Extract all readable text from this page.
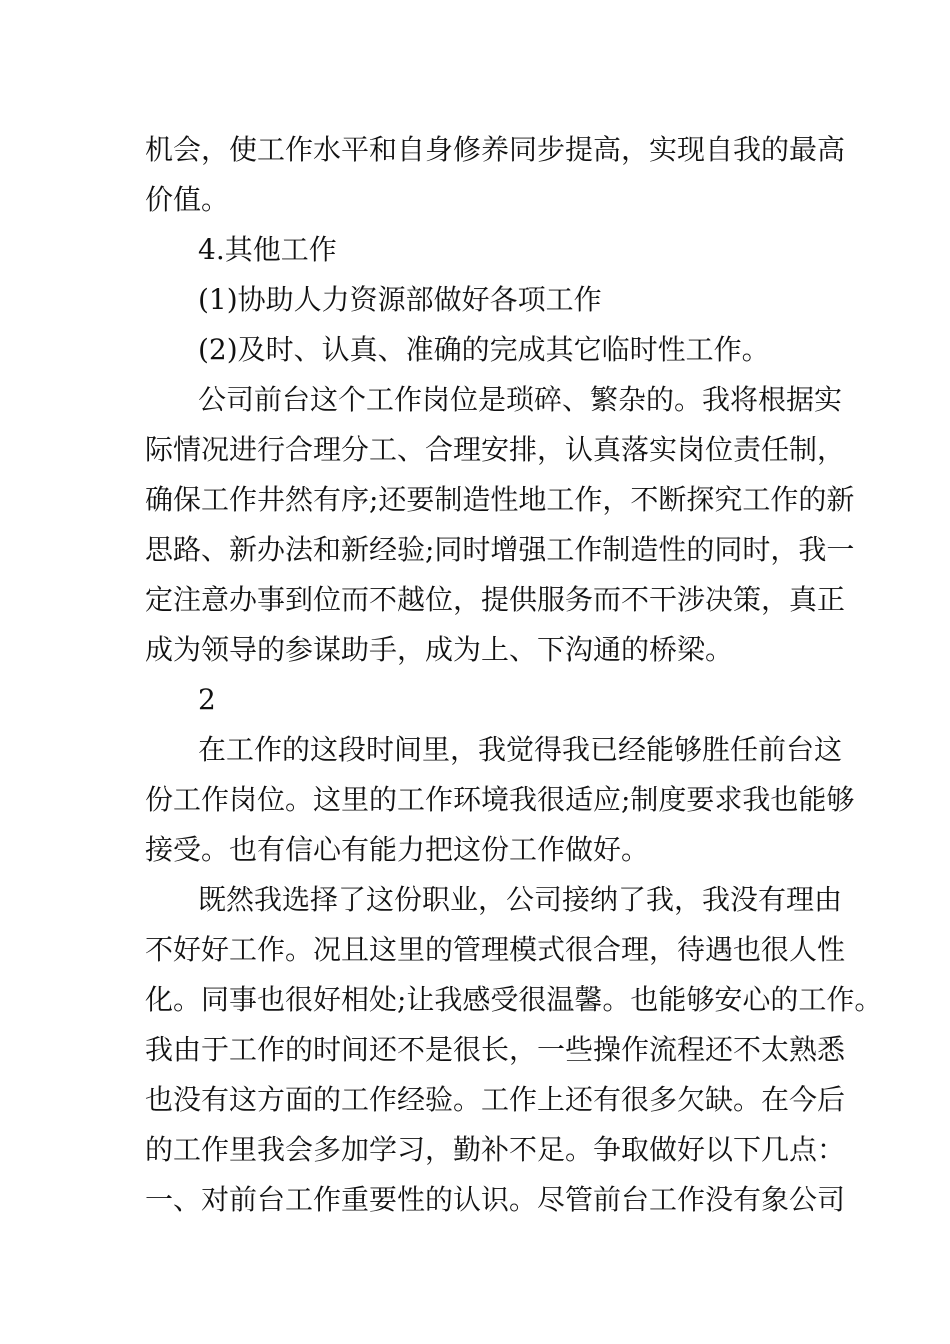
机会，使工作水平和自身修养同步提高，实现自我的最高
价值。
4.其他工作
(1)协助人力资源部做好各项工作
(2)及时、认真、准确的完成其它临时性工作。
公司前台这个工作岗位是琐碎、繁杂的。我将根据实
际情况进行合理分工、合理安排，认真落实岗位责任制，
确保工作井然有序;还要制造性地工作，不断探究工作的新
思路、新办法和新经验;同时增强工作制造性的同时，我一
定注意办事到位而不越位，提供服务而不干涉决策，真正
成为领导的参谋助手，成为上、下沟通的桥梁。
2
在工作的这段时间里，我觉得我已经能够胜任前台这
份工作岗位。这里的工作环境我很适应;制度要求我也能够
接受。也有信心有能力把这份工作做好。
既然我选择了这份职业，公司接纳了我，我没有理由
不好好工作。况且这里的管理模式很合理，待遇也很人性
化。同事也很好相处;让我感受很温馨。也能够安心的工作。
我由于工作的时间还不是很长，一些操作流程还不太熟悉
也没有这方面的工作经验。工作上还有很多欠缺。在今后
的工作里我会多加学习，勤补不足。争取做好以下几点：
一、对前台工作重要性的认识。尽管前台工作没有象公司
